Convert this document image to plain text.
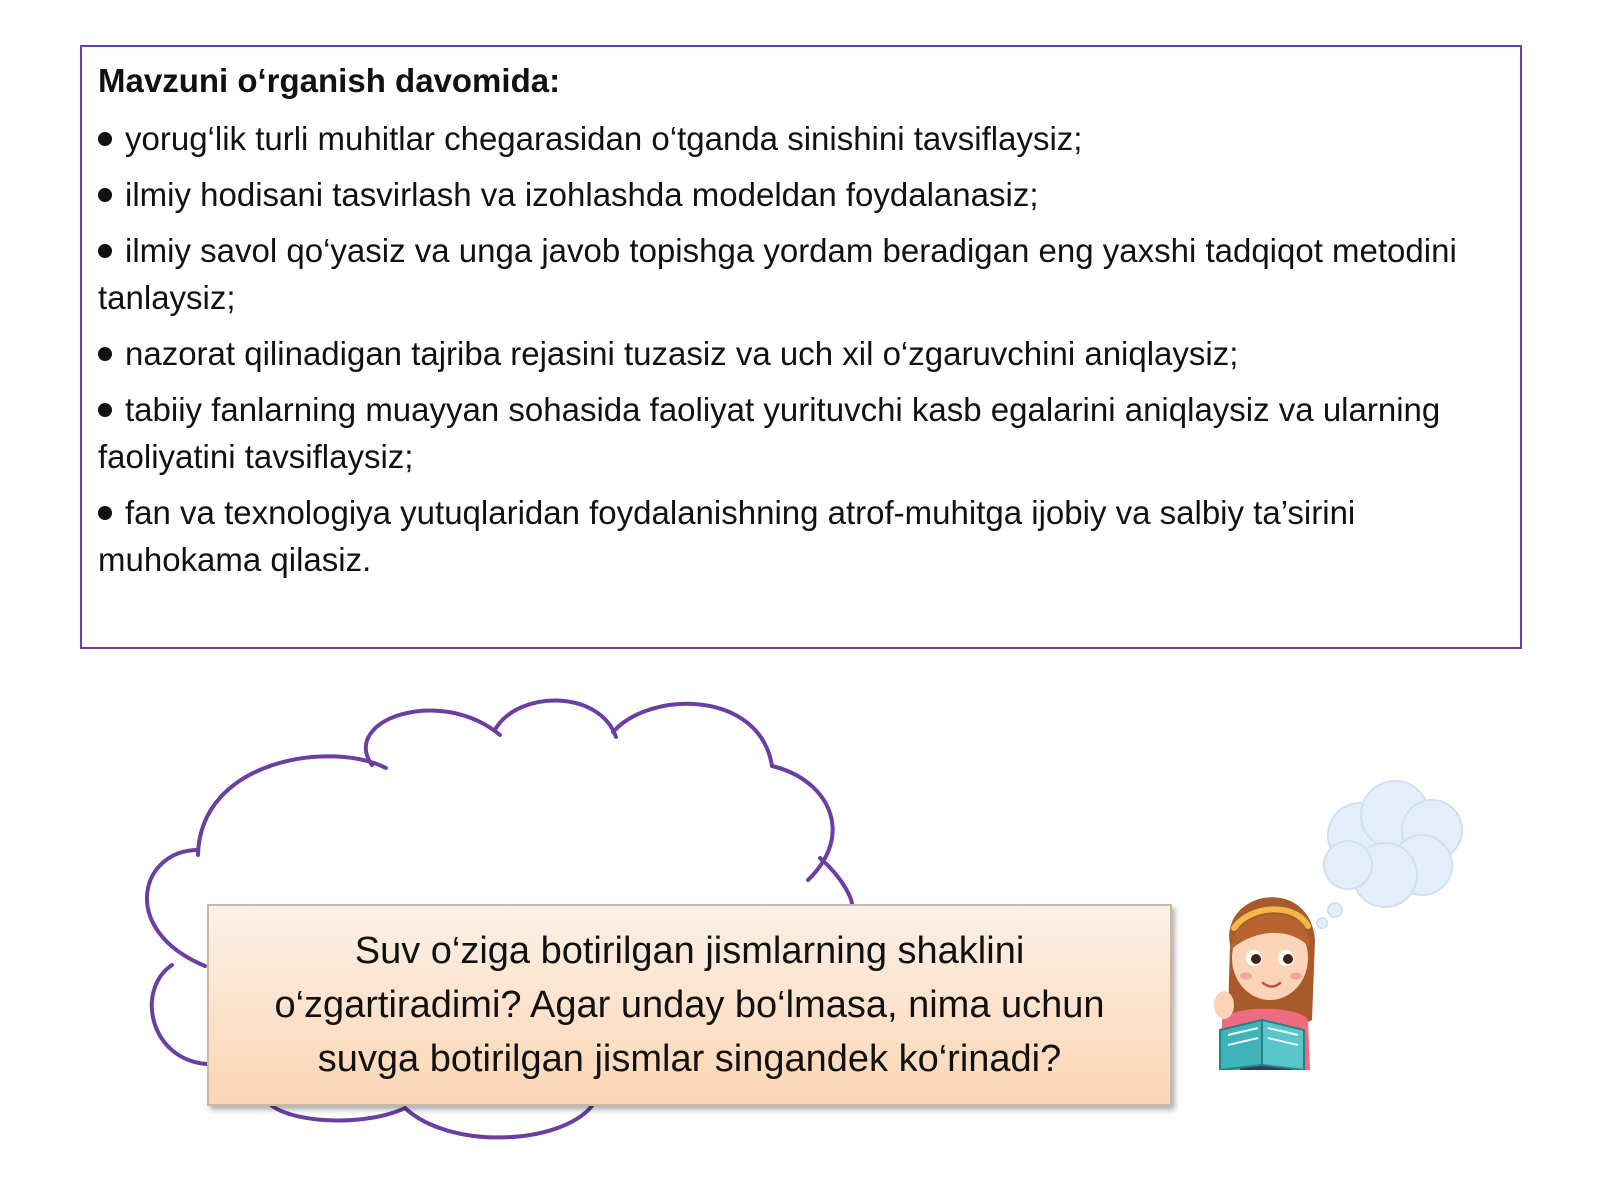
Mavzuni o‘rganish davomida:
yorug‘lik turli muhitlar chegarasidan o‘tganda sinishini tavsiflaysiz;
ilmiy hodisani tasvirlash va izohlashda modeldan foydalanasiz;
ilmiy savol qo‘yasiz va unga javob topishga yordam beradigan eng yaxshi tadqiqot metodini tanlaysiz;
nazorat qilinadigan tajriba rejasini tuzasiz va uch xil o‘zgaruvchini aniqlaysiz;
tabiiy fanlarning muayyan sohasida faoliyat yurituvchi kasb egalarini aniqlaysiz va ularning faoliyatini tavsiflaysiz;
fan va texnologiya yutuqlaridan foydalanishning atrof-muhitga ijobiy va salbiy ta’sirini muhokama qilasiz.
Suv o‘ziga botirilgan jismlarning shaklini o‘zgartiradimi? Agar unday bo‘lmasa, nima uchun suvga botirilgan jismlar singandek ko‘rinadi?
